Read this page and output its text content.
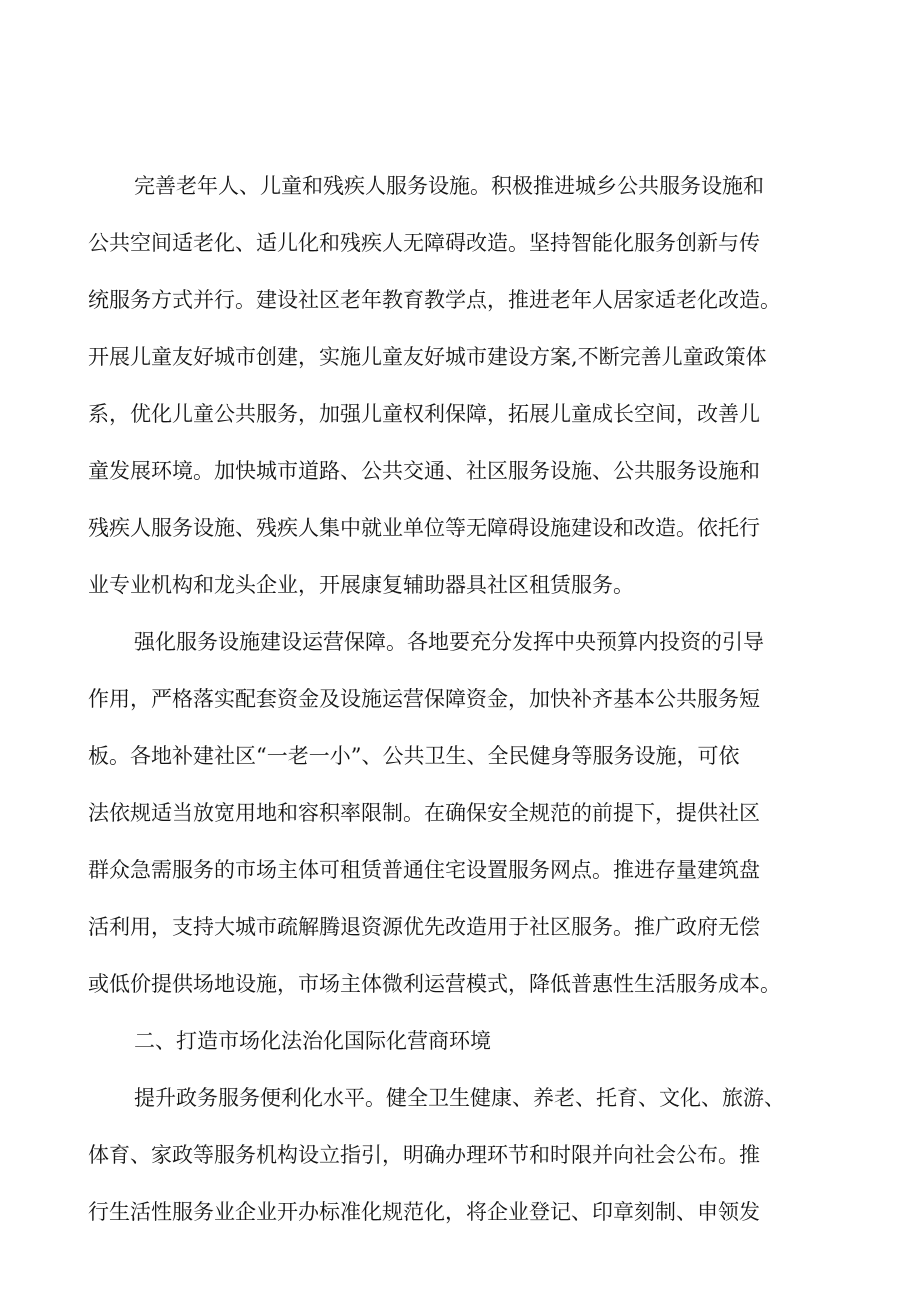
完善老年人、儿童和残疾人服务设施。积极推进城乡公共服务设施和
公共空间适老化、适儿化和残疾人无障碍改造。坚持智能化服务创新与传
统服务方式并行。建设社区老年教育教学点，推进老年人居家适老化改造。
开展儿童友好城市创建，实施儿童友好城市建设方案,不断完善儿童政策体
系，优化儿童公共服务，加强儿童权利保障，拓展儿童成长空间，改善儿
童发展环境。加快城市道路、公共交通、社区服务设施、公共服务设施和
残疾人服务设施、残疾人集中就业单位等无障碍设施建设和改造。依托行
业专业机构和龙头企业，开展康复辅助器具社区租赁服务。
强化服务设施建设运营保障。各地要充分发挥中央预算内投资的引导
作用，严格落实配套资金及设施运营保障资金，加快补齐基本公共服务短
板。各地补建社区“一老一小”、公共卫生、全民健身等服务设施，可依
法依规适当放宽用地和容积率限制。在确保安全规范的前提下，提供社区
群众急需服务的市场主体可租赁普通住宅设置服务网点。推进存量建筑盘
活利用，支持大城市疏解腾退资源优先改造用于社区服务。推广政府无偿
或低价提供场地设施，市场主体微利运营模式，降低普惠性生活服务成本。
二、打造市场化法治化国际化营商环境
提升政务服务便利化水平。健全卫生健康、养老、托育、文化、旅游、
体育、家政等服务机构设立指引，明确办理环节和时限并向社会公布。推
行生活性服务业企业开办标准化规范化，将企业登记、印章刻制、申领发
